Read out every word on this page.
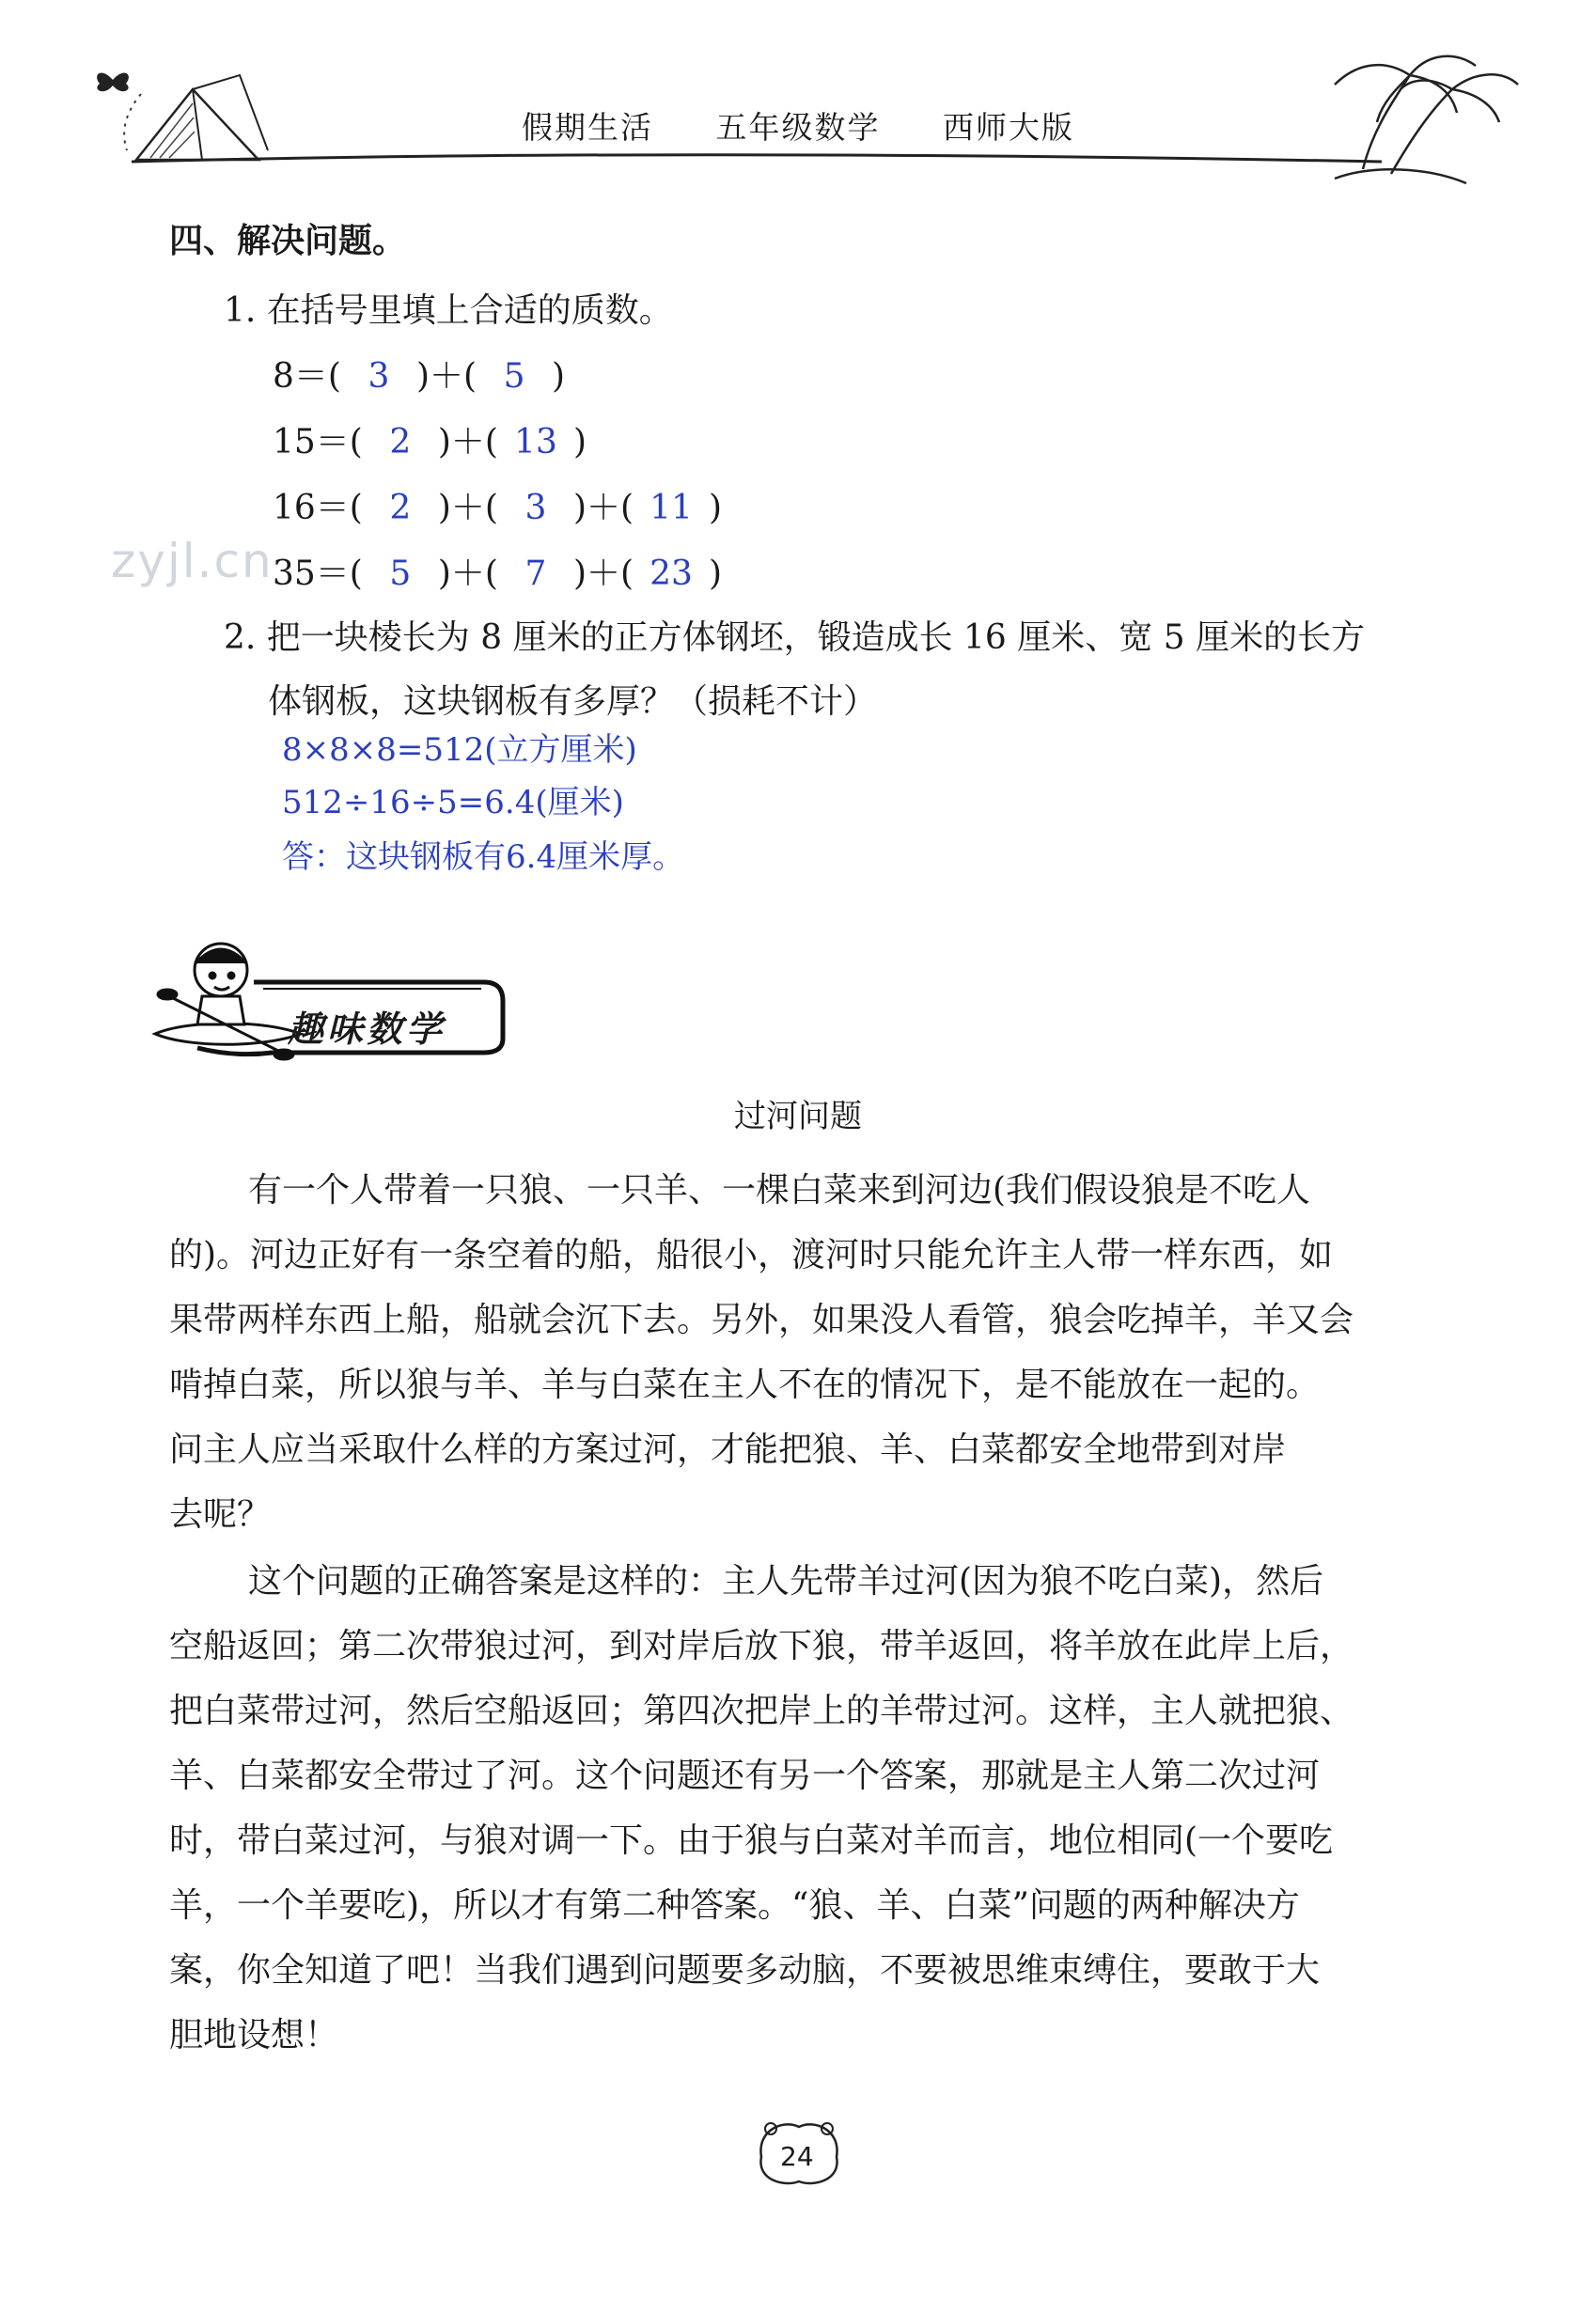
假期生活 五年级数学 西师大版
四、解决问题。
1. 在括号里填上合适的质数。
8＝( 3 )＋( 5 )
15＝( 2 )＋( 13 )
16＝( 2 )＋( 3 )＋( 11 )
35＝( 5 )＋( 7 )＋( 23 )
zyjl.cn
2. 把一块棱长为 8 厘米的正方体钢坯，锻造成长 16 厘米、宽 5 厘米的长方
体钢板，这块钢板有多厚？（损耗不计）
8×8×8=512(立方厘米)
512÷16÷5=6.4(厘米)
答：这块钢板有6.4厘米厚。
趣味数学
过河问题
有一个人带着一只狼、一只羊、一棵白菜来到河边(我们假设狼是不吃人
的)。河边正好有一条空着的船，船很小，渡河时只能允许主人带一样东西，如
果带两样东西上船，船就会沉下去。另外，如果没人看管，狼会吃掉羊，羊又会
啃掉白菜，所以狼与羊、羊与白菜在主人不在的情况下，是不能放在一起的。
问主人应当采取什么样的方案过河，才能把狼、羊、白菜都安全地带到对岸
去呢？
这个问题的正确答案是这样的：主人先带羊过河(因为狼不吃白菜)，然后
空船返回；第二次带狼过河，到对岸后放下狼，带羊返回，将羊放在此岸上后，
把白菜带过河，然后空船返回；第四次把岸上的羊带过河。这样，主人就把狼、
羊、白菜都安全带过了河。这个问题还有另一个答案，那就是主人第二次过河
时，带白菜过河，与狼对调一下。由于狼与白菜对羊而言，地位相同(一个要吃
羊，一个羊要吃)，所以才有第二种答案。“狼、羊、白菜”问题的两种解决方
案，你全知道了吧！当我们遇到问题要多动脑，不要被思维束缚住，要敢于大
胆地设想！
24
